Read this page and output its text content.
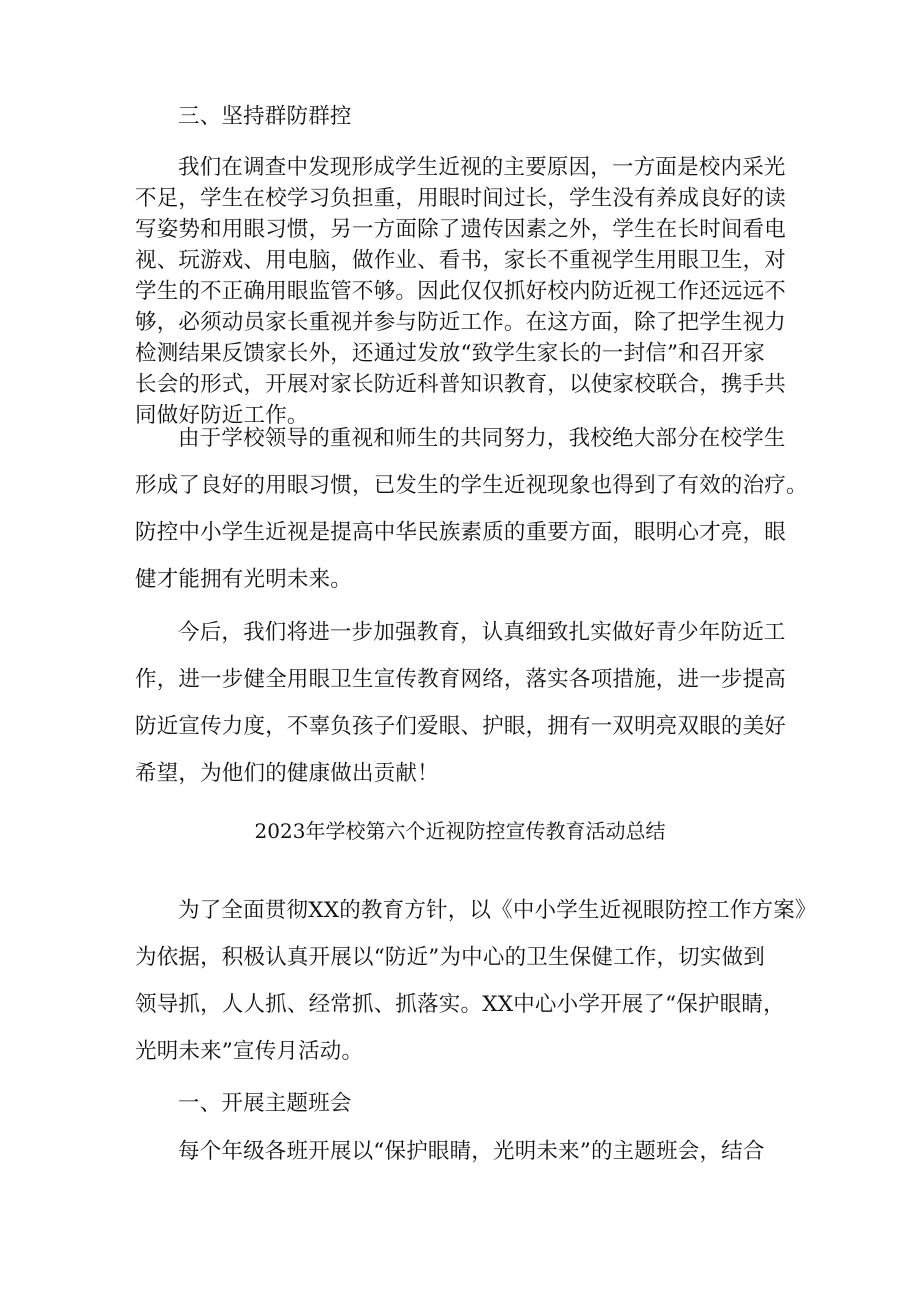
三、坚持群防群控
我们在调查中发现形成学生近视的主要原因，一方面是校内采光
不足，学生在校学习负担重，用眼时间过长，学生没有养成良好的读
写姿势和用眼习惯，另一方面除了遗传因素之外，学生在长时间看电
视、玩游戏、用电脑，做作业、看书，家长不重视学生用眼卫生，对
学生的不正确用眼监管不够。因此仅仅抓好校内防近视工作还远远不
够，必须动员家长重视并参与防近工作。在这方面，除了把学生视力
检测结果反馈家长外，还通过发放“致学生家长的一封信”和召开家
长会的形式，开展对家长防近科普知识教育，以使家校联合，携手共
同做好防近工作。
由于学校领导的重视和师生的共同努力，我校绝大部分在校学生
形成了良好的用眼习惯，已发生的学生近视现象也得到了有效的治疗。
防控中小学生近视是提高中华民族素质的重要方面，眼明心才亮，眼
健才能拥有光明未来。
今后，我们将进一步加强教育，认真细致扎实做好青少年防近工
作，进一步健全用眼卫生宣传教育网络，落实各项措施，进一步提高
防近宣传力度，不辜负孩子们爱眼、护眼，拥有一双明亮双眼的美好
希望，为他们的健康做出贡献！
2023年学校第六个近视防控宣传教育活动总结
为了全面贯彻XX的教育方针，以《中小学生近视眼防控工作方案》
为依据，积极认真开展以“防近”为中心的卫生保健工作，切实做到
领导抓，人人抓、经常抓、抓落实。XX中心小学开展了“保护眼睛，
光明未来”宣传月活动。
一、开展主题班会
每个年级各班开展以“保护眼睛，光明未来”的主题班会，结合
